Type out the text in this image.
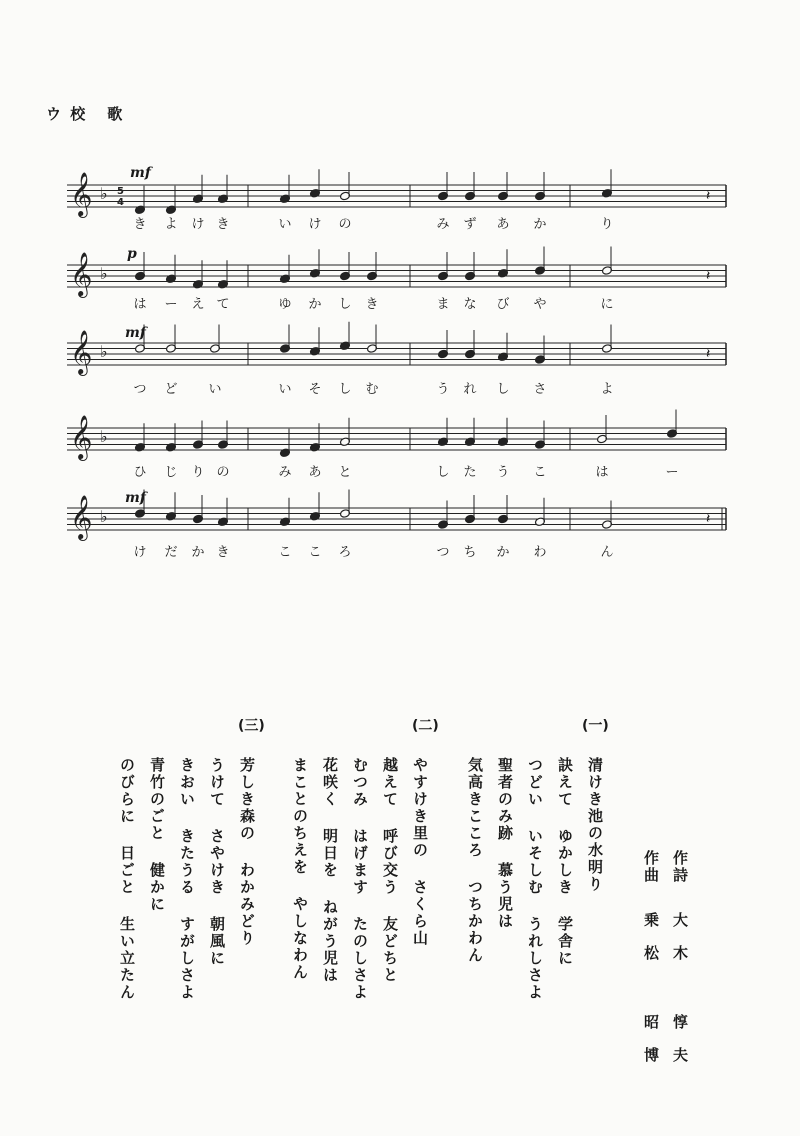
ウ 校 歌
𝄞 ♭ 5
4	𝄽
𝄞 ♭	𝄽
𝄞 ♭	𝄽
𝄞 ♭
𝄞 ♭	𝄽
き よ け き	い け の	み ず あ か	り
は ー え て	ゆ か し き	ま な び や	に
つ ど い	い そ し む	う れ し さ	よ
ひ じ り の	み あ と	し た う こ	は	ー
け だ か き	こ こ ろ	つ ち か わ	ん
mf
p
mf
mf
(一)
(二)
(三)
清けき池の水明り
訣えて ゆかしき 学舎に
つどい いそしむ うれしさよ
聖者のみ跡 慕う児は
気高きこころ つちかわん
やすけき里の さくら山
越えて 呼び交う 友どちと
むつみ はげます たのしさよ
花咲く 明日を ねがう児は
まことのちえを やしなわん
芳しき森の わかみどり
うけて さやけき 朝風に
きおい きたうる すがしさよ
青竹のごと 健かに
のびらに 日ごと 生い立たん	作詩
大木 惇夫
作曲
乗松 昭博
